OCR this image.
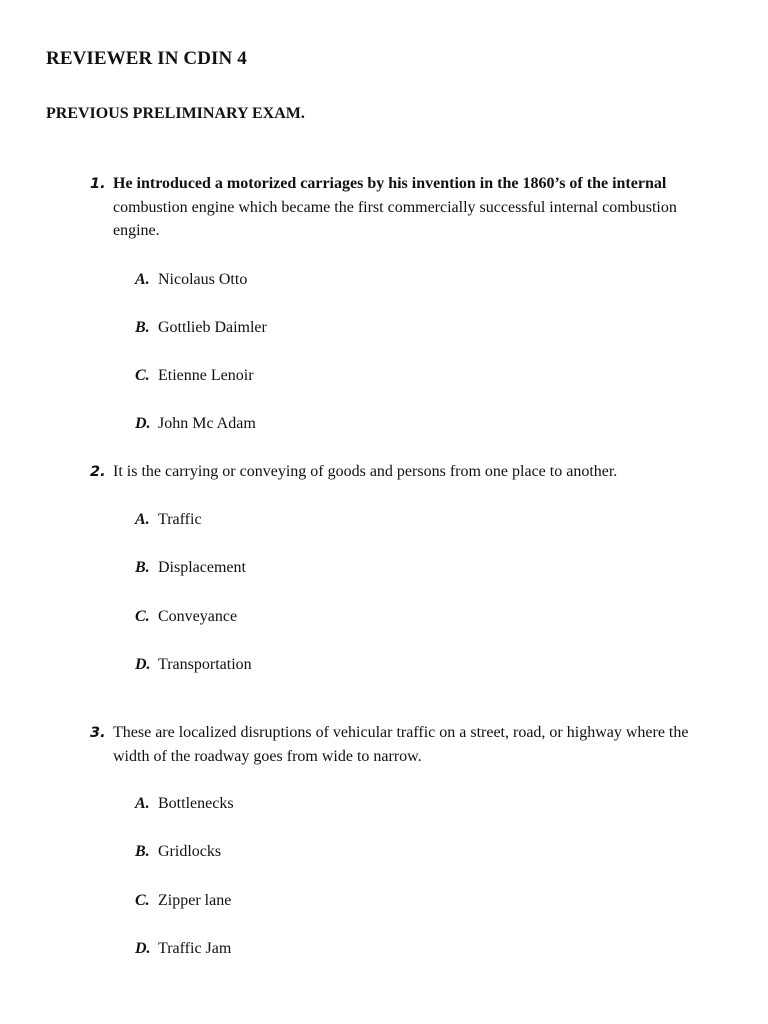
REVIEWER IN CDIN 4
PREVIOUS PRELIMINARY EXAM.
1. He introduced a motorized carriages by his invention in the 1860’s of the internal combustion engine which became the first commercially successful internal combustion engine.
A. Nicolaus Otto
B. Gottlieb Daimler
C. Etienne Lenoir
D. John Mc Adam
2. It is the carrying or conveying of goods and persons from one place to another.
A. Traffic
B. Displacement
C. Conveyance
D. Transportation
3. These are localized disruptions of vehicular traffic on a street, road, or highway where the width of the roadway goes from wide to narrow.
A. Bottlenecks
B. Gridlocks
C. Zipper lane
D. Traffic Jam
